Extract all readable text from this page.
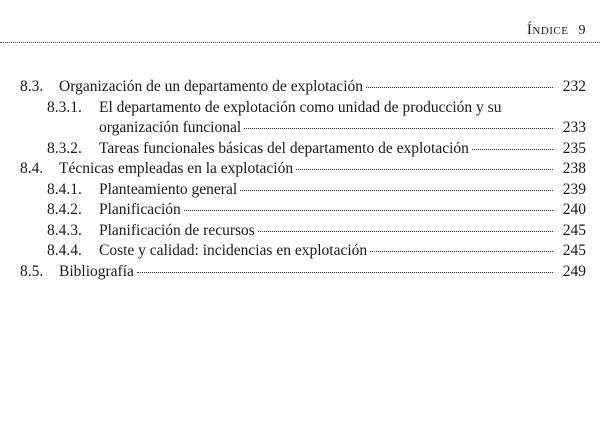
Índice 9
8.3.	Organización de un departamento de explotación	232
8.3.1.	El departamento de explotación como unidad de producción y su
organización funcional	233
8.3.2.	Tareas funcionales básicas del departamento de explotación	235
8.4.	Técnicas empleadas en la explotación	238
8.4.1.	Planteamiento general	239
8.4.2.	Planificación	240
8.4.3.	Planificación de recursos	245
8.4.4.	Coste y calidad: incidencias en explotación	245
8.5.	Bibliografía	249
